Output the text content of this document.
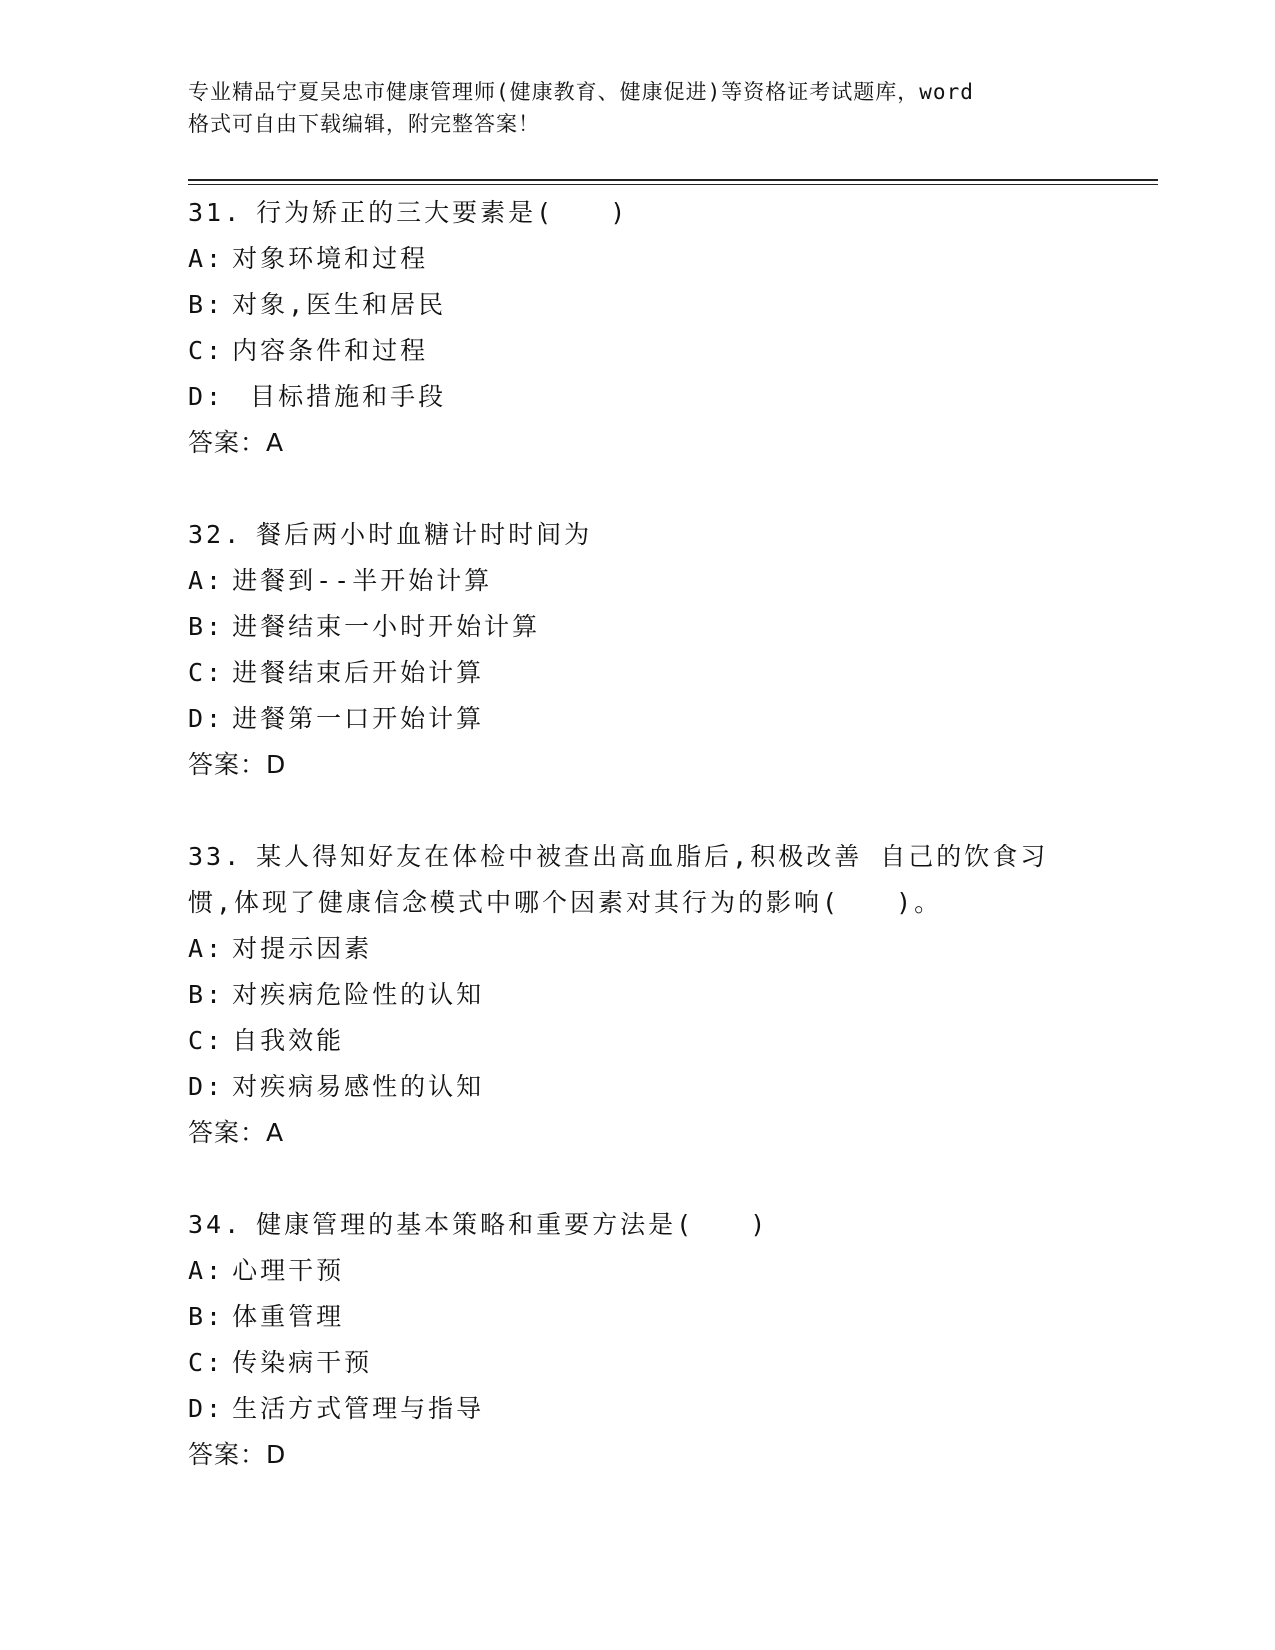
专业精品宁夏吴忠市健康管理师(健康教育、健康促进)等资格证考试题库，word

格式可自由下载编辑，附完整答案！

31. 行为矫正的三大要素是(　　)

A: 对象环境和过程

B: 对象,医生和居民

C: 内容条件和过程

D: 目标措施和手段

答案：A

32. 餐后两小时血糖计时时间为

A: 进餐到--半开始计算

B: 进餐结束一小时开始计算

C: 进餐结束后开始计算

D: 进餐第一口开始计算

答案：D

33. 某人得知好友在体检中被查出高血脂后,积极改善 自己的饮食习惯,体现了健康信念模式中哪个因素对其行为的影响(　　)。

A: 对提示因素

B: 对疾病危险性的认知

C: 自我效能

D: 对疾病易感性的认知

答案：A

34. 健康管理的基本策略和重要方法是(　　)

A: 心理干预

B: 体重管理

C: 传染病干预

D: 生活方式管理与指导

答案：D
